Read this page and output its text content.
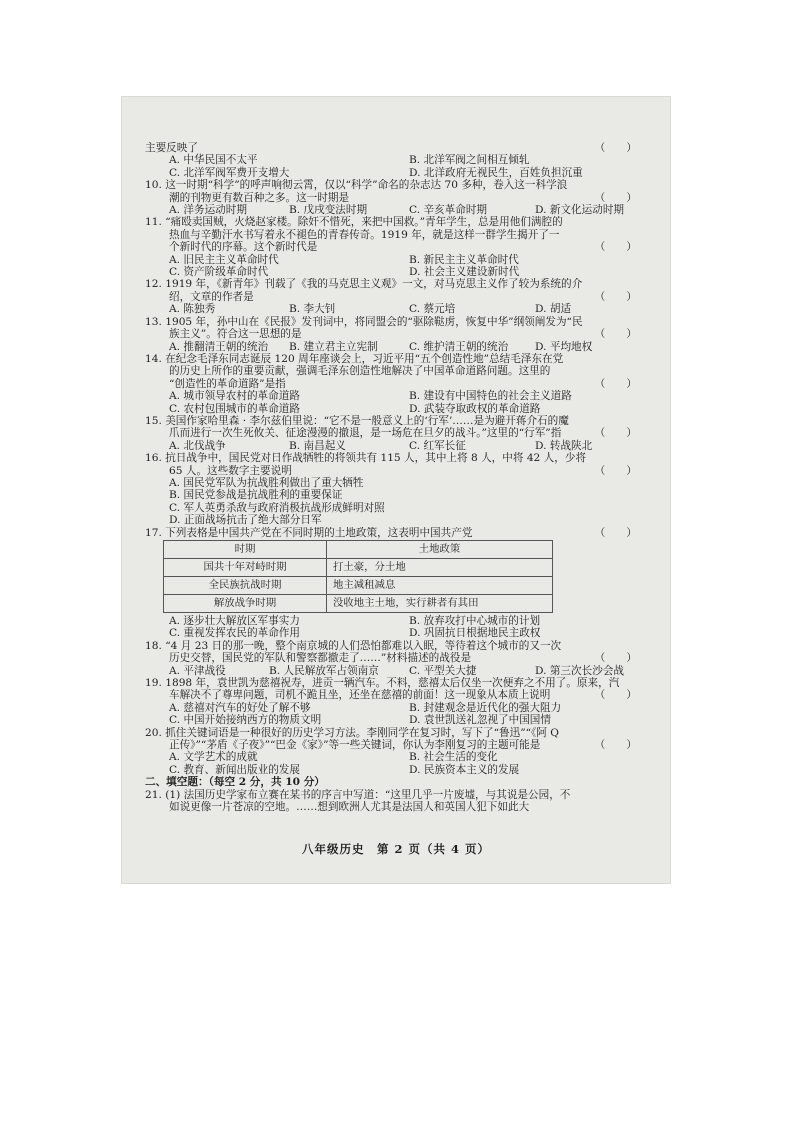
主要反映了	（　　）
A. 中华民国不太平	B. 北洋军阀之间相互倾轧
C. 北洋军阀军费开支增大	D. 北洋政府无视民生，百姓负担沉重
10. 这一时期“科学”的呼声响彻云霄，仅以“科学”命名的杂志达 70 多种，卷入这一科学浪
潮的刊物更有数百种之多。这一时期是	（　　）
A. 洋务运动时期	B. 戊戌变法时期	C. 辛亥革命时期	D. 新文化运动时期
11. “痛殴卖国贼，火烧赵家楼。除奸不惜死，来把中国救。”青年学生，总是用他们满腔的
热血与辛勤汗水书写着永不褪色的青春传奇。1919 年，就是这样一群学生揭开了一
个新时代的序幕。这个新时代是	（　　）
A. 旧民主主义革命时代	B. 新民主主义革命时代
C. 资产阶级革命时代	D. 社会主义建设新时代
12. 1919 年，《新青年》刊载了《我的马克思主义观》一文，对马克思主义作了较为系统的介
绍，文章的作者是	（　　）
A. 陈独秀	B. 李大钊	C. 蔡元培	D. 胡适
13. 1905 年，孙中山在《民报》发刊词中，将同盟会的“驱除鞑虏，恢复中华”纲领阐发为“民
族主义”。符合这一思想的是	（　　）
A. 推翻清王朝的统治	B. 建立君主立宪制	C. 维护清王朝的统治	D. 平均地权
14. 在纪念毛泽东同志诞辰 120 周年座谈会上，习近平用“五个创造性地”总结毛泽东在党
的历史上所作的重要贡献，强调毛泽东创造性地解决了中国革命道路问题。这里的
“创造性的革命道路”是指	（　　）
A. 城市领导农村的革命道路	B. 建设有中国特色的社会主义道路
C. 农村包围城市的革命道路	D. 武装夺取政权的革命道路
15. 美国作家哈里森 · 李尔兹伯里说：“它不是一般意义上的‘行军’……是为避开蒋介石的魔
爪而进行一次生死攸关、征途漫漫的撤退，是一场危在旦夕的战斗。”这里的“行军”指	（　　）
A. 北伐战争	B. 南昌起义	C. 红军长征	D. 转战陕北
16. 抗日战争中，国民党对日作战牺牲的将领共有 115 人，其中上将 8 人，中将 42 人，少将
65 人。这些数字主要说明	（　　）
A. 国民党军队为抗战胜利做出了重大牺牲
B. 国民党参战是抗战胜利的重要保证
C. 军人英勇杀敌与政府消极抗战形成鲜明对照
D. 正面战场抗击了绝大部分日军
17. 下列表格是中国共产党在不同时期的土地政策，这表明中国共产党	（　　）
时期	土地政策
国共十年对峙时期	打土豪，分土地
全民族抗战时期	地主减租减息
解放战争时期	没收地主土地，实行耕者有其田
A. 逐步壮大解放区军事实力	B. 放弃攻打中心城市的计划
C. 重视发挥农民的革命作用	D. 巩固抗日根据地民主政权
18. “4 月 23 日的那一晚，整个南京城的人们恐怕都难以入眠，等待着这个城市的又一次
历史交替，国民党的军队和警察都撤走了……”材料描述的战役是	（　　）
A. 平津战役	B. 人民解放军占领南京	C. 平型关大捷	D. 第三次长沙会战
19. 1898 年，袁世凯为慈禧祝寿，进贡一辆汽车。不料，慈禧太后仅坐一次便弃之不用了。原来，汽
车解决不了尊卑问题，司机不跪且坐，还坐在慈禧的前面！这一现象从本质上说明	（　　）
A. 慈禧对汽车的好处了解不够	B. 封建观念是近代化的强大阻力
C. 中国开始接纳西方的物质文明	D. 袁世凯送礼忽视了中国国情
20. 抓住关键词语是一种很好的历史学习方法。李刚同学在复习时，写下了“鲁迅”“《阿 Q
正传》”“茅盾《子夜》”“巴金《家》”等一些关键词，你认为李刚复习的主题可能是	（　　）
A. 文学艺术的成就	B. 社会生活的变化
C. 教育、新闻出版业的发展	D. 民族资本主义的发展
二、填空题：（每空 2 分，共 10 分）
21. (1) 法国历史学家布立赛在某书的序言中写道：“这里几乎一片废墟，与其说是公园，不
如说更像一片苍凉的空地。……想到欧洲人尤其是法国人和英国人犯下如此大
八年级历史　第 2 页（共 4 页）
